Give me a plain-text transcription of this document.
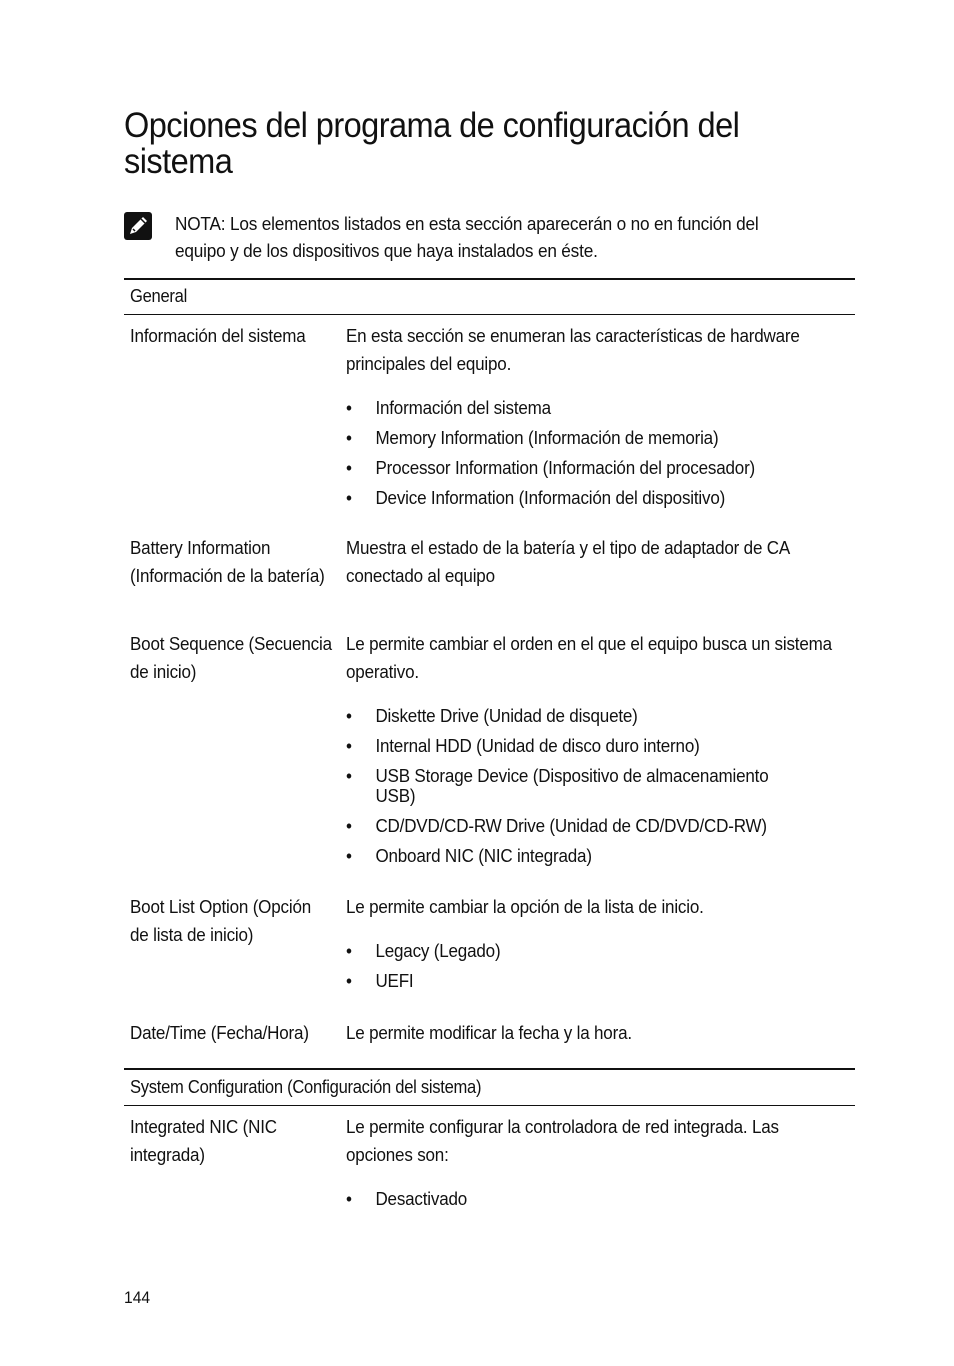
Opciones del programa de configuración del sistema
NOTA: Los elementos listados en esta sección aparecerán o no en función del equipo y de los dispositivos que haya instalados en éste.
General
Información del sistema	En esta sección se enumeran las características de hardware principales del equipo.
• Información del sistema
• Memory Information (Información de memoria)
• Processor Information (Información del procesador)
• Device Information (Información del dispositivo)
Battery Information (Información de la batería)
Muestra el estado de la batería y el tipo de adaptador de CA conectado al equipo
Boot Sequence (Secuencia de inicio)
Le permite cambiar el orden en el que el equipo busca un sistema operativo.
• Diskette Drive (Unidad de disquete)
• Internal HDD (Unidad de disco duro interno)
• USB Storage Device (Dispositivo de almacenamiento USB)
• CD/DVD/CD-RW Drive (Unidad de CD/DVD/CD-RW)
• Onboard NIC (NIC integrada)
Boot List Option (Opción de lista de inicio)
Le permite cambiar la opción de la lista de inicio.
• Legacy (Legado)
• UEFI
Date/Time (Fecha/Hora)	Le permite modificar la fecha y la hora.
System Configuration (Configuración del sistema)
Integrated NIC (NIC integrada)
Le permite configurar la controladora de red integrada. Las opciones son:
• Desactivado
144
